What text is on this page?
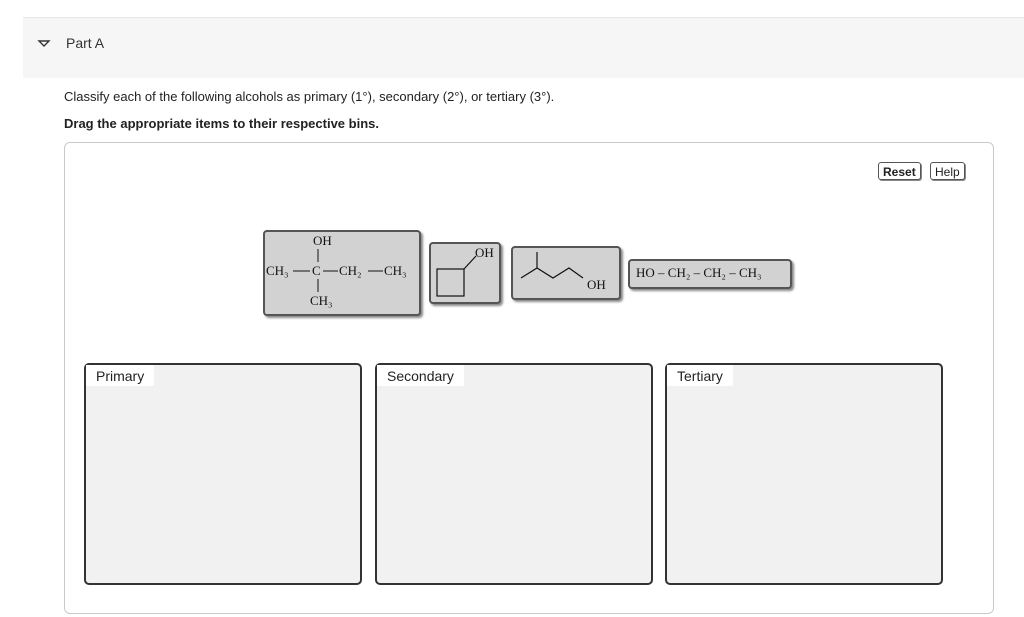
Part A
Classify each of the following alcohols as primary (1°), secondary (2°), or tertiary (3°).
Drag the appropriate items to their respective bins.
Reset	Help
OH
CH₃ C CH₂ CH₃
CH₃
OH
OH
HO – CH₂ – CH₂ – CH₃
Primary	Secondary	Tertiary
